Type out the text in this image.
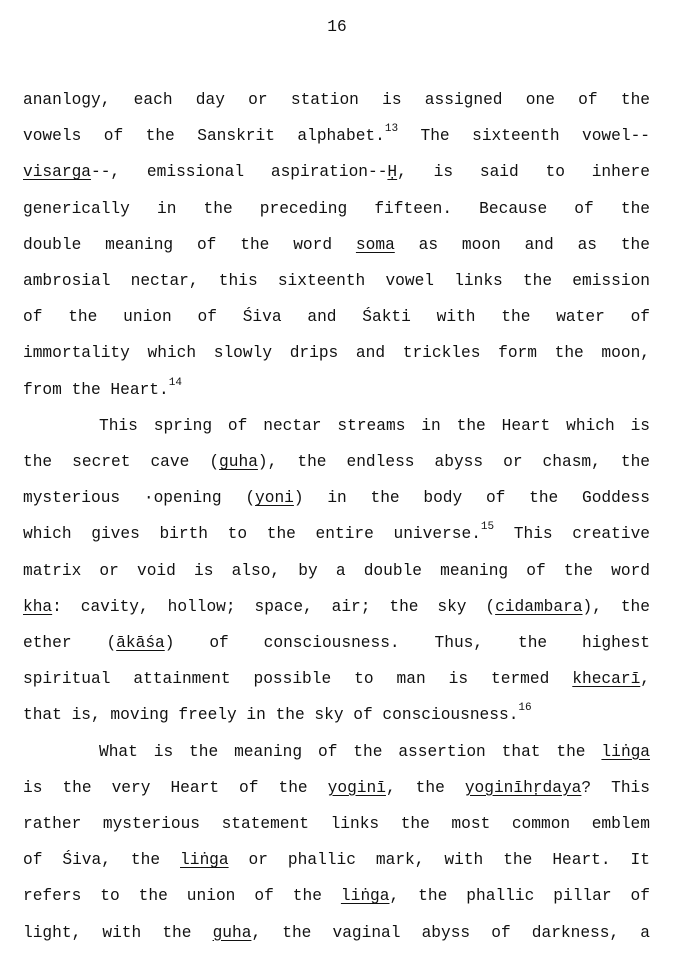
16
ananlogy, each day or station is assigned one of the
vowels of the Sanskrit alphabet.$^{13}$ The sixteenth vowel--
visarga--, emissional aspiration--Ḥ, is said to inhere
generically in the preceding fifteen. Because of the
double meaning of the word soma as moon and as the
ambrosial nectar, this sixteenth vowel links the emission
of the union of Śiva and Śakti with the water of
immortality which slowly drips and trickles form the moon,
from the Heart.$^{14}$
This spring of nectar streams in the Heart which is
the secret cave (guha), the endless abyss or chasm, the
mysterious ·opening (yoni) in the body of the Goddess
which gives birth to the entire universe.$^{15}$ This creative
matrix or void is also, by a double meaning of the word
kha: cavity, hollow; space, air; the sky (cidambara), the
ether (ākāśa) of consciousness. Thus, the highest
spiritual attainment possible to man is termed khecarī,
that is, moving freely in the sky of consciousness.$^{16}$
What is the meaning of the assertion that the liṅga
is the very Heart of the yoginī, the yoginīhṛdaya? This
rather mysterious statement links the most common emblem
of Śiva, the liṅga or phallic mark, with the Heart. It
refers to the union of the liṅga, the phallic pillar of
light, with the guha, the vaginal abyss of darkness, a
